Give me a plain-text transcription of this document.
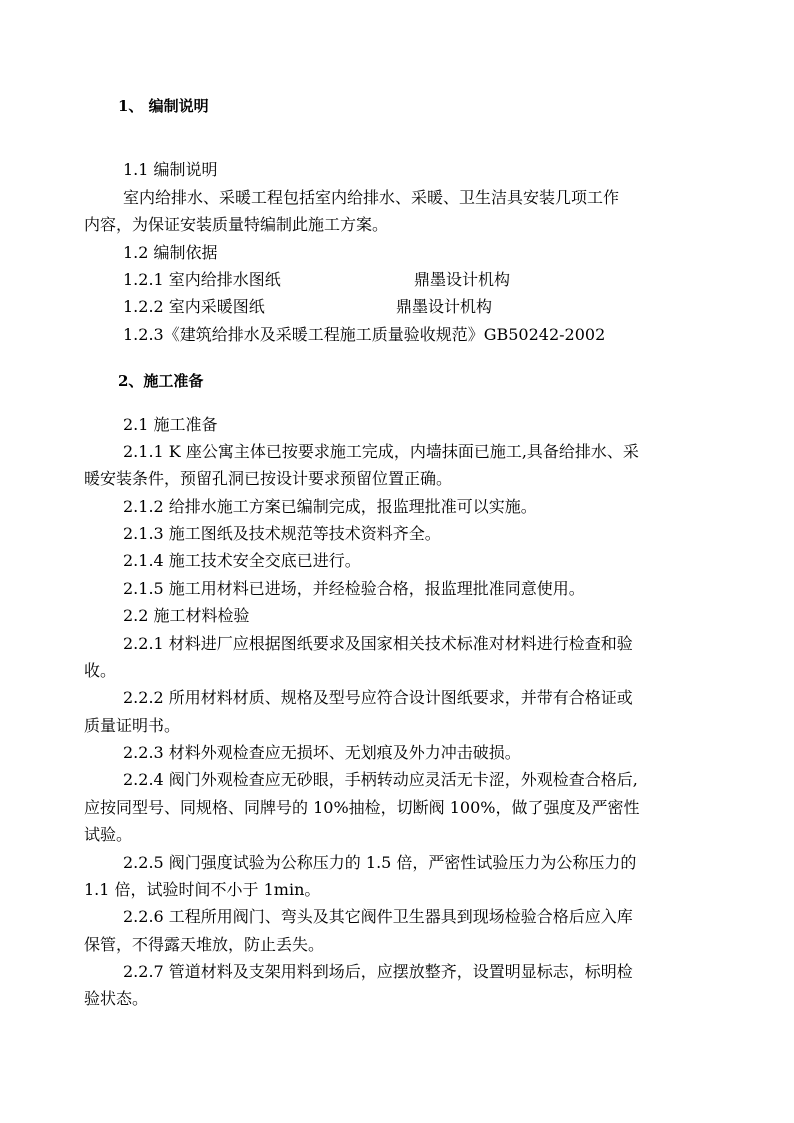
1、 编制说明
1.1 编制说明
室内给排水、采暖工程包括室内给排水、采暖、卫生洁具安装几项工作
内容，为保证安装质量特编制此施工方案。
1.2 编制依据
1.2.1 室内给排水图纸	鼎墨设计机构
1.2.2 室内采暖图纸	鼎墨设计机构
1.2.3《建筑给排水及采暖工程施工质量验收规范》GB50242-2002
2、施工准备
2.1 施工准备
2.1.1 K 座公寓主体已按要求施工完成，内墙抹面已施工,具备给排水、采
暖安装条件，预留孔洞已按设计要求预留位置正确。
2.1.2 给排水施工方案已编制完成，报监理批准可以实施。
2.1.3 施工图纸及技术规范等技术资料齐全。
2.1.4 施工技术安全交底已进行。
2.1.5 施工用材料已进场，并经检验合格，报监理批准同意使用。
2.2 施工材料检验
2.2.1 材料进厂应根据图纸要求及国家相关技术标准对材料进行检查和验
收。
2.2.2 所用材料材质、规格及型号应符合设计图纸要求，并带有合格证或
质量证明书。
2.2.3 材料外观检查应无损坏、无划痕及外力冲击破损。
2.2.4 阀门外观检查应无砂眼，手柄转动应灵活无卡涩，外观检查合格后,
应按同型号、同规格、同牌号的 10%抽检，切断阀 100%，做了强度及严密性
试验。
2.2.5 阀门强度试验为公称压力的 1.5 倍，严密性试验压力为公称压力的
1.1 倍，试验时间不小于 1min。
2.2.6 工程所用阀门、弯头及其它阀件卫生器具到现场检验合格后应入库
保管，不得露天堆放，防止丢失。
2.2.7 管道材料及支架用料到场后，应摆放整齐，设置明显标志，标明检
验状态。
